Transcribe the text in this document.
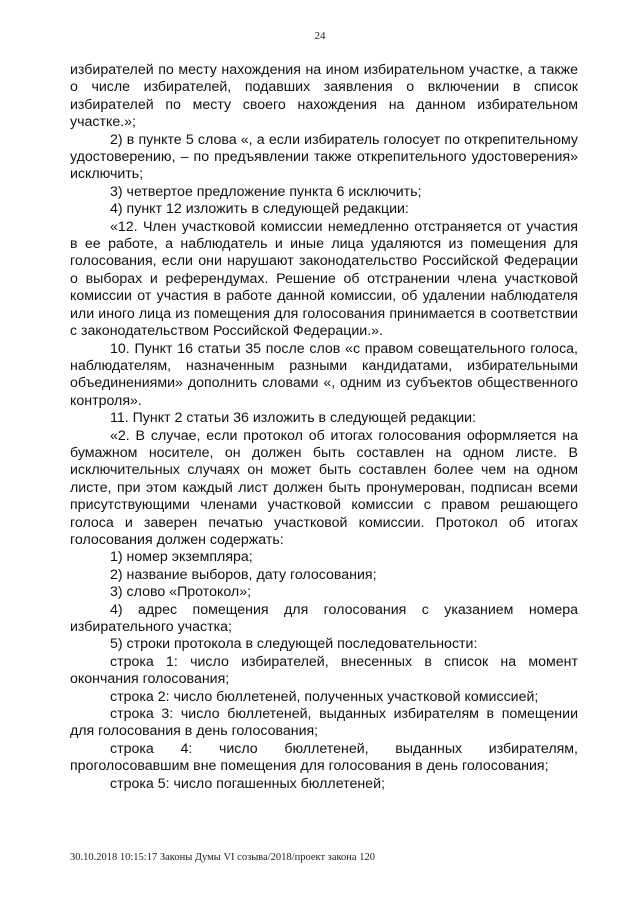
24

избирателей по месту нахождения на ином избирательном участке, а также о числе избирателей, подавших заявления о включении в список избирателей по месту своего нахождения на данном избирательном участке.»;

2) в пункте 5 слова «, а если избиратель голосует по открепительному удостоверению, – по предъявлении также открепительного удостоверения» исключить;

3) четвертое предложение пункта 6 исключить;

4) пункт 12 изложить в следующей редакции:

«12. Член участковой комиссии немедленно отстраняется от участия в ее работе, а наблюдатель и иные лица удаляются из помещения для голосования, если они нарушают законодательство Российской Федерации о выборах и референдумах. Решение об отстранении члена участковой комиссии от участия в работе данной комиссии, об удалении наблюдателя или иного лица из помещения для голосования принимается в соответствии с законодательством Российской Федерации.».

10. Пункт 16 статьи 35 после слов «с правом совещательного голоса, наблюдателям, назначенным разными кандидатами, избирательными объединениями» дополнить словами «, одним из субъектов общественного контроля».

11. Пункт 2 статьи 36 изложить в следующей редакции:

«2. В случае, если протокол об итогах голосования оформляется на бумажном носителе, он должен быть составлен на одном листе. В исключительных случаях он может быть составлен более чем на одном листе, при этом каждый лист должен быть пронумерован, подписан всеми присутствующими членами участковой комиссии с правом решающего голоса и заверен печатью участковой комиссии. Протокол об итогах голосования должен содержать:

1) номер экземпляра;

2) название выборов, дату голосования;

3) слово «Протокол»;

4) адрес помещения для голосования с указанием номера избирательного участка;

5) строки протокола в следующей последовательности:

строка 1: число избирателей, внесенных в список на момент окончания голосования;

строка 2: число бюллетеней, полученных участковой комиссией;

строка 3: число бюллетеней, выданных избирателям в помещении для голосования в день голосования;

строка 4: число бюллетеней, выданных избирателям, проголосовавшим вне помещения для голосования в день голосования;

строка 5: число погашенных бюллетеней;

30.10.2018 10:15:17 Законы Думы VI созыва/2018/проект закона 120
